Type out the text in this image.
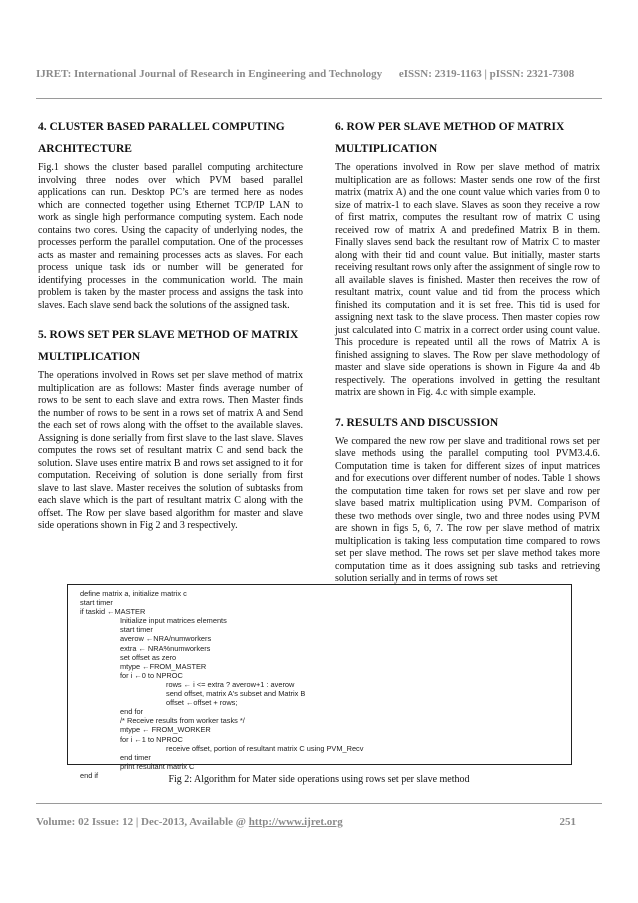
IJRET: International Journal of Research in Engineering and Technology eISSN: 2319-1163 | pISSN: 2321-7308
4. CLUSTER BASED PARALLEL COMPUTING
ARCHITECTURE

Fig.1 shows the cluster based parallel computing architecture involving three nodes over which PVM based parallel applications can run. Desktop PC’s are termed here as nodes which are connected together using Ethernet TCP/IP LAN to work as single high performance computing system. Each node contains two cores. Using the capacity of underlying nodes, the processes perform the parallel computation. One of the processes acts as master and remaining processes acts as slaves. For each process unique task ids or number will be generated for identifying processes in the communication world. The main problem is taken by the master process and assigns the task into slaves. Each slave send back the solutions of the assigned task.

5. ROWS SET PER SLAVE METHOD OF MATRIX
MULTIPLICATION

The operations involved in Rows set per slave method of matrix multiplication are as follows: Master finds average number of rows to be sent to each slave and extra rows. Then Master finds the number of rows to be sent in a rows set of matrix A and Send the each set of rows along with the offset to the available slaves. Assigning is done serially from first slave to the last slave. Slaves computes the rows set of resultant matrix C and send back the solution. Slave uses entire matrix B and rows set assigned to it for computation. Receiving of solution is done serially from first slave to last slave. Master receives the solution of subtasks from each slave which is the part of resultant matrix C along with the offset. The Row per slave based algorithm for master and slave side operations shown in Fig 2 and 3 respectively.

6. ROW PER SLAVE METHOD OF MATRIX
MULTIPLICATION

The operations involved in Row per slave method of matrix multiplication are as follows: Master sends one row of the first matrix (matrix A) and the one count value which varies from 0 to size of matrix-1 to each slave. Slaves as soon they receive a row of first matrix, computes the resultant row of matrix C using received row of matrix A and predefined Matrix B in them. Finally slaves send back the resultant row of Matrix C to master along with their tid and count value. But initially, master starts receiving resultant rows only after the assignment of single row to all available slaves is finished. Master then receives the row of resultant matrix, count value and tid from the process which finished its computation and it is set free. This tid is used for assigning next task to the slave process. Then master copies row just calculated into C matrix in a correct order using count value. This procedure is repeated until all the rows of Matrix A is finished assigning to slaves. The Row per slave methodology of master and slave side operations is shown in Figure 4a and 4b respectively. The operations involved in getting the resultant matrix are shown in Fig. 4.c with simple example.

7. RESULTS AND DISCUSSION

We compared the new row per slave and traditional rows set per slave methods using the parallel computing tool PVM3.4.6. Computation time is taken for different sizes of input matrices and for executions over different number of nodes. Table 1 shows the computation time taken for rows set per slave and row per slave based matrix multiplication using PVM. Comparison of these two methods over single, two and three nodes using PVM are shown in figs 5, 6, 7. The row per slave method of matrix multiplication is taking less computation time compared to rows set per slave method. The rows set per slave method takes more computation time as it does assigning sub tasks and retrieving solution serially and in terms of rows set

define matrix a, initialize matrix c
start timer
if taskid ←MASTER
Initialize input matrices elements
start timer
averow ←NRA/numworkers
extra ← NRA%numworkers
set offset as zero
mtype ←FROM_MASTER
for i ←0 to NPROC
rows ← i <= extra ? averow+1 : averow
send offset, matrix A's subset and Matrix B
offset ←offset + rows;
end for
/* Receive results from worker tasks */
mtype ← FROM_WORKER
for i ←1 to NPROC
receive offset, portion of resultant matrix C using PVM_Recv
end timer
print resultant matrix C
end if	Fig 2: Algorithm for Mater side operations using rows set per slave method
Volume: 02 Issue: 12 | Dec-2013, Available @ http://www.ijret.org	251
